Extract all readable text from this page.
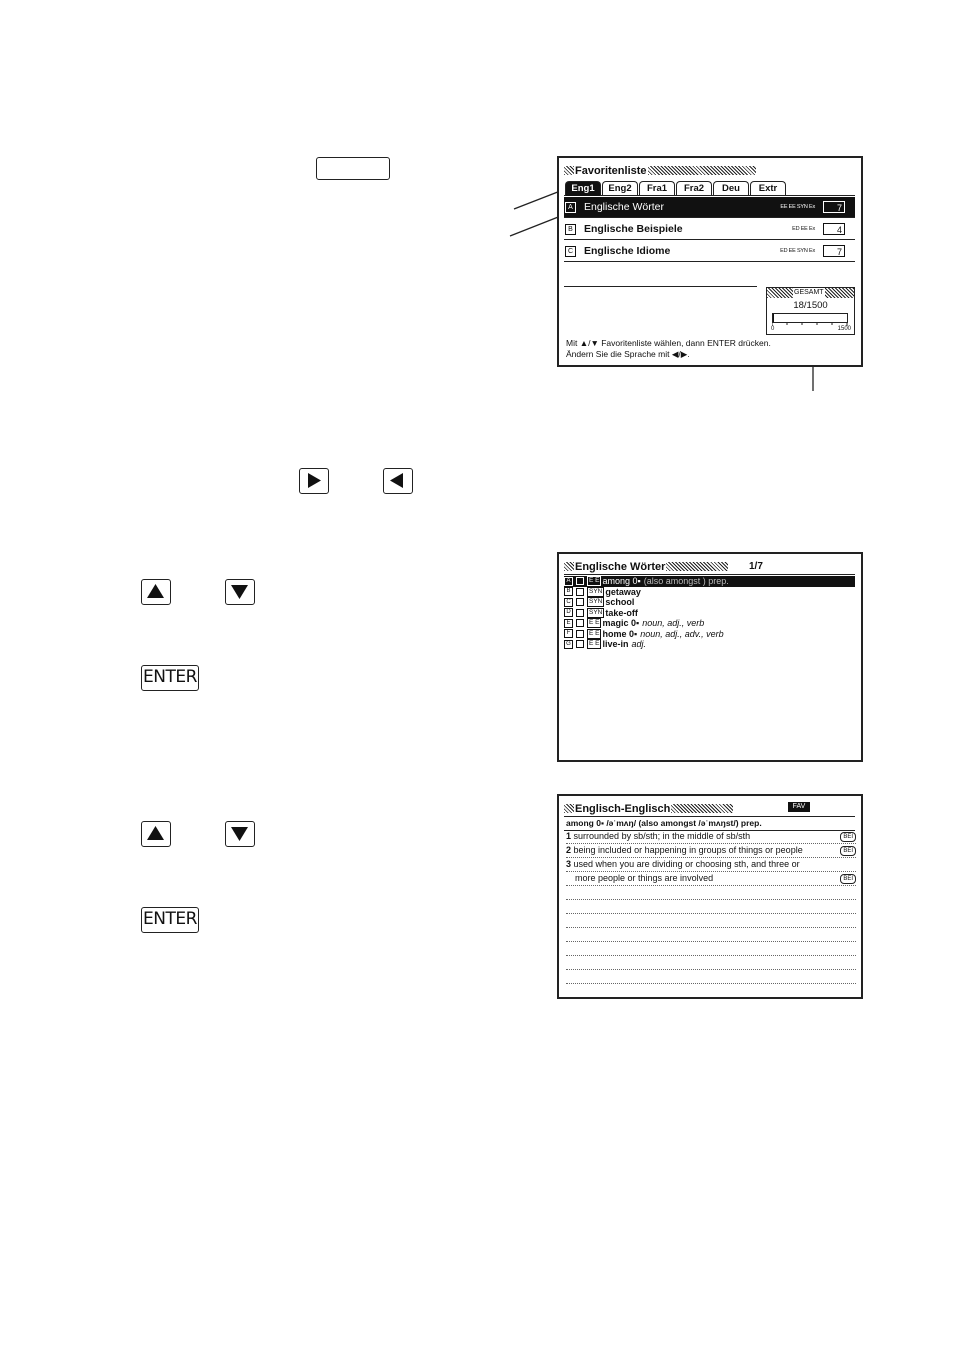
Favoritenliste
Eng1	Eng2	Fra1	Fra2	Deu	Extr
A	Englische Wörter	EE EE SYN Ex	7
B	Englische Beispiele	ED EE Ex	4
C Englische Idiome	ED EE SYN Ex	7
GESAMT
18/1500
0	1500
Mit ▲/▼ Favoritenliste wählen, dann ENTER drücken.
Ändern Sie die Sprache mit ◀/▶.
ENTER
Englische Wörter	1/7
A	E E among 0▪ (also amongst ) prep.
B	SYN getaway
C	SYN school
D	SYN take-off
E	E E magic 0▪ noun, adj., verb
F	E E home 0▪ noun, adj., adv., verb
G	E E live-in adj.
ENTER
Englisch-Englisch	FAV
among 0▪ /əˈmʌŋ/ (also amongst /əˈmʌŋst/) prep.
1 surrounded by sb/sth; in the middle of sb/sth	BEI
2 being included or happening in groups of things or people	BEI
3 used when you are dividing or choosing sth, and three or
more people or things are involved	BEI
